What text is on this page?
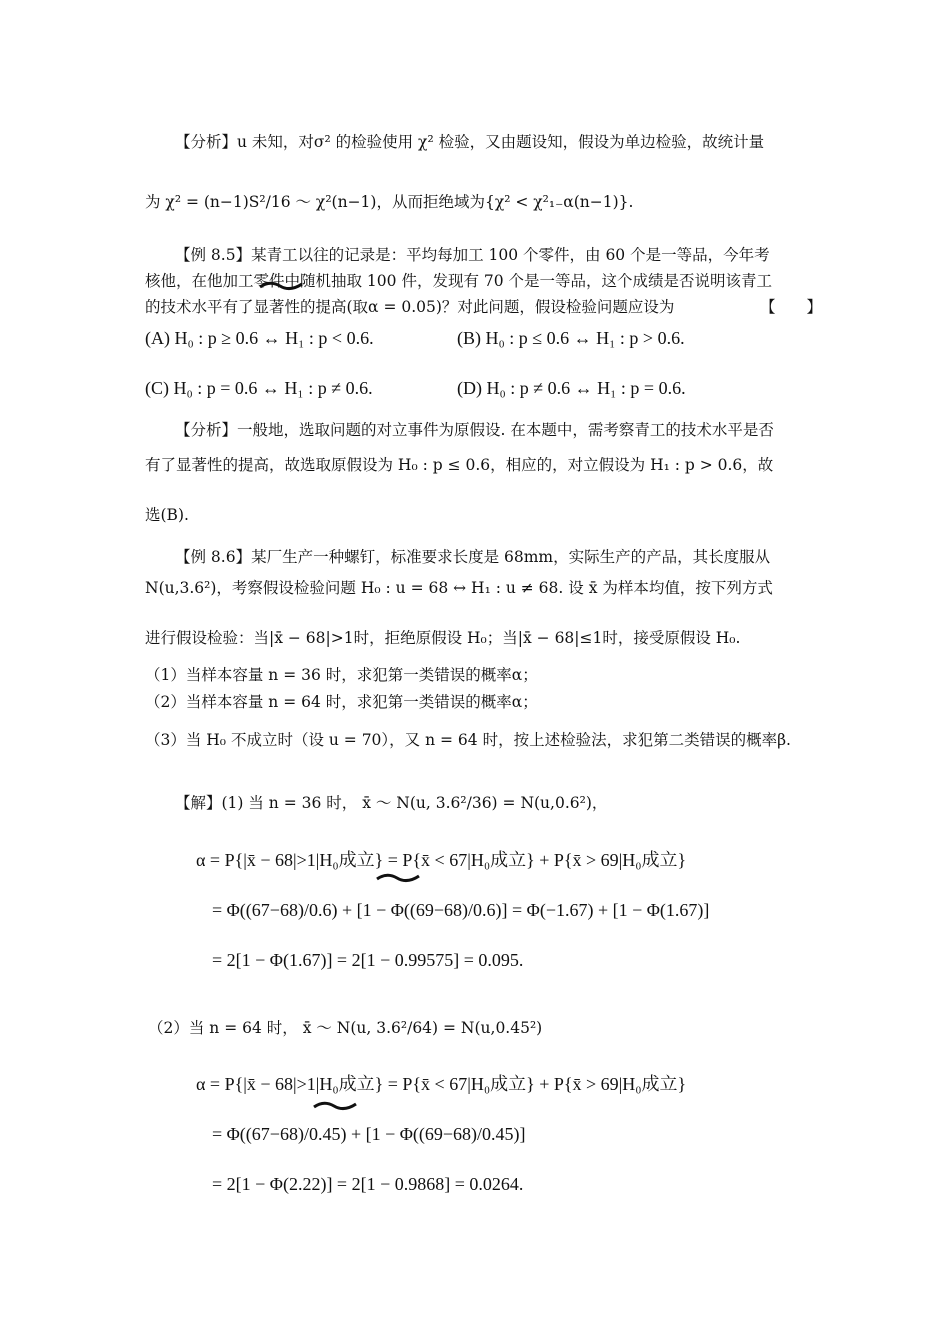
【分析】u 未知，对σ² 的检验使用 χ² 检验，又由题设知，假设为单边检验，故统计量
为 χ² = (n−1)S²/16 ～ χ²(n−1)，从而拒绝域为{χ² < χ²₁₋α(n−1)}.
【例 8.5】某青工以往的记录是：平均每加工 100 个零件，由 60 个是一等品，今年考
核他，在他加工零件中随机抽取 100 件，发现有 70 个是一等品，这个成绩是否说明该青工
的技术水平有了显著性的提高(取α = 0.05)？对此问题，假设检验问题应设为	【　　】
(A) H₀ : p ≥ 0.6 ↔ H₁ : p < 0.6.	(B) H₀ : p ≤ 0.6 ↔ H₁ : p > 0.6.
(C) H₀ : p = 0.6 ↔ H₁ : p ≠ 0.6.	(D) H₀ : p ≠ 0.6 ↔ H₁ : p = 0.6.
【分析】一般地，选取问题的对立事件为原假设. 在本题中，需考察青工的技术水平是否
有了显著性的提高，故选取原假设为 H₀ : p ≤ 0.6，相应的，对立假设为 H₁ : p > 0.6，故
选(B).
【例 8.6】某厂生产一种螺钉，标准要求长度是 68mm，实际生产的产品，其长度服从
N(u,3.6²)，考察假设检验问题 H₀ : u = 68 ↔ H₁ : u ≠ 68. 设 x̄ 为样本均值，按下列方式
进行假设检验：当|x̄ − 68|>1时，拒绝原假设 H₀；当|x̄ − 68|≤1时，接受原假设 H₀.
（1）当样本容量 n = 36 时，求犯第一类错误的概率α；
（2）当样本容量 n = 64 时，求犯第一类错误的概率α；
（3）当 H₀ 不成立时（设 u = 70），又 n = 64 时，按上述检验法，求犯第二类错误的概率β.
【解】(1) 当 n = 36 时， x̄ ～ N(u, 3.6²/36) = N(u,0.6²)，
α = P{|x̄ − 68|>1|H₀成立} = P{x̄ < 67|H₀成立} + P{x̄ > 69|H₀成立}
= Φ((67−68)/0.6) + [1 − Φ((69−68)/0.6)] = Φ(−1.67) + [1 − Φ(1.67)]
= 2[1 − Φ(1.67)] = 2[1 − 0.99575] = 0.095.
（2）当 n = 64 时， x̄ ～ N(u, 3.6²/64) = N(u,0.45²)
α = P{|x̄ − 68|>1|H₀成立} = P{x̄ < 67|H₀成立} + P{x̄ > 69|H₀成立}
= Φ((67−68)/0.45) + [1 − Φ((69−68)/0.45)]
= 2[1 − Φ(2.22)] = 2[1 − 0.9868] = 0.0264.
